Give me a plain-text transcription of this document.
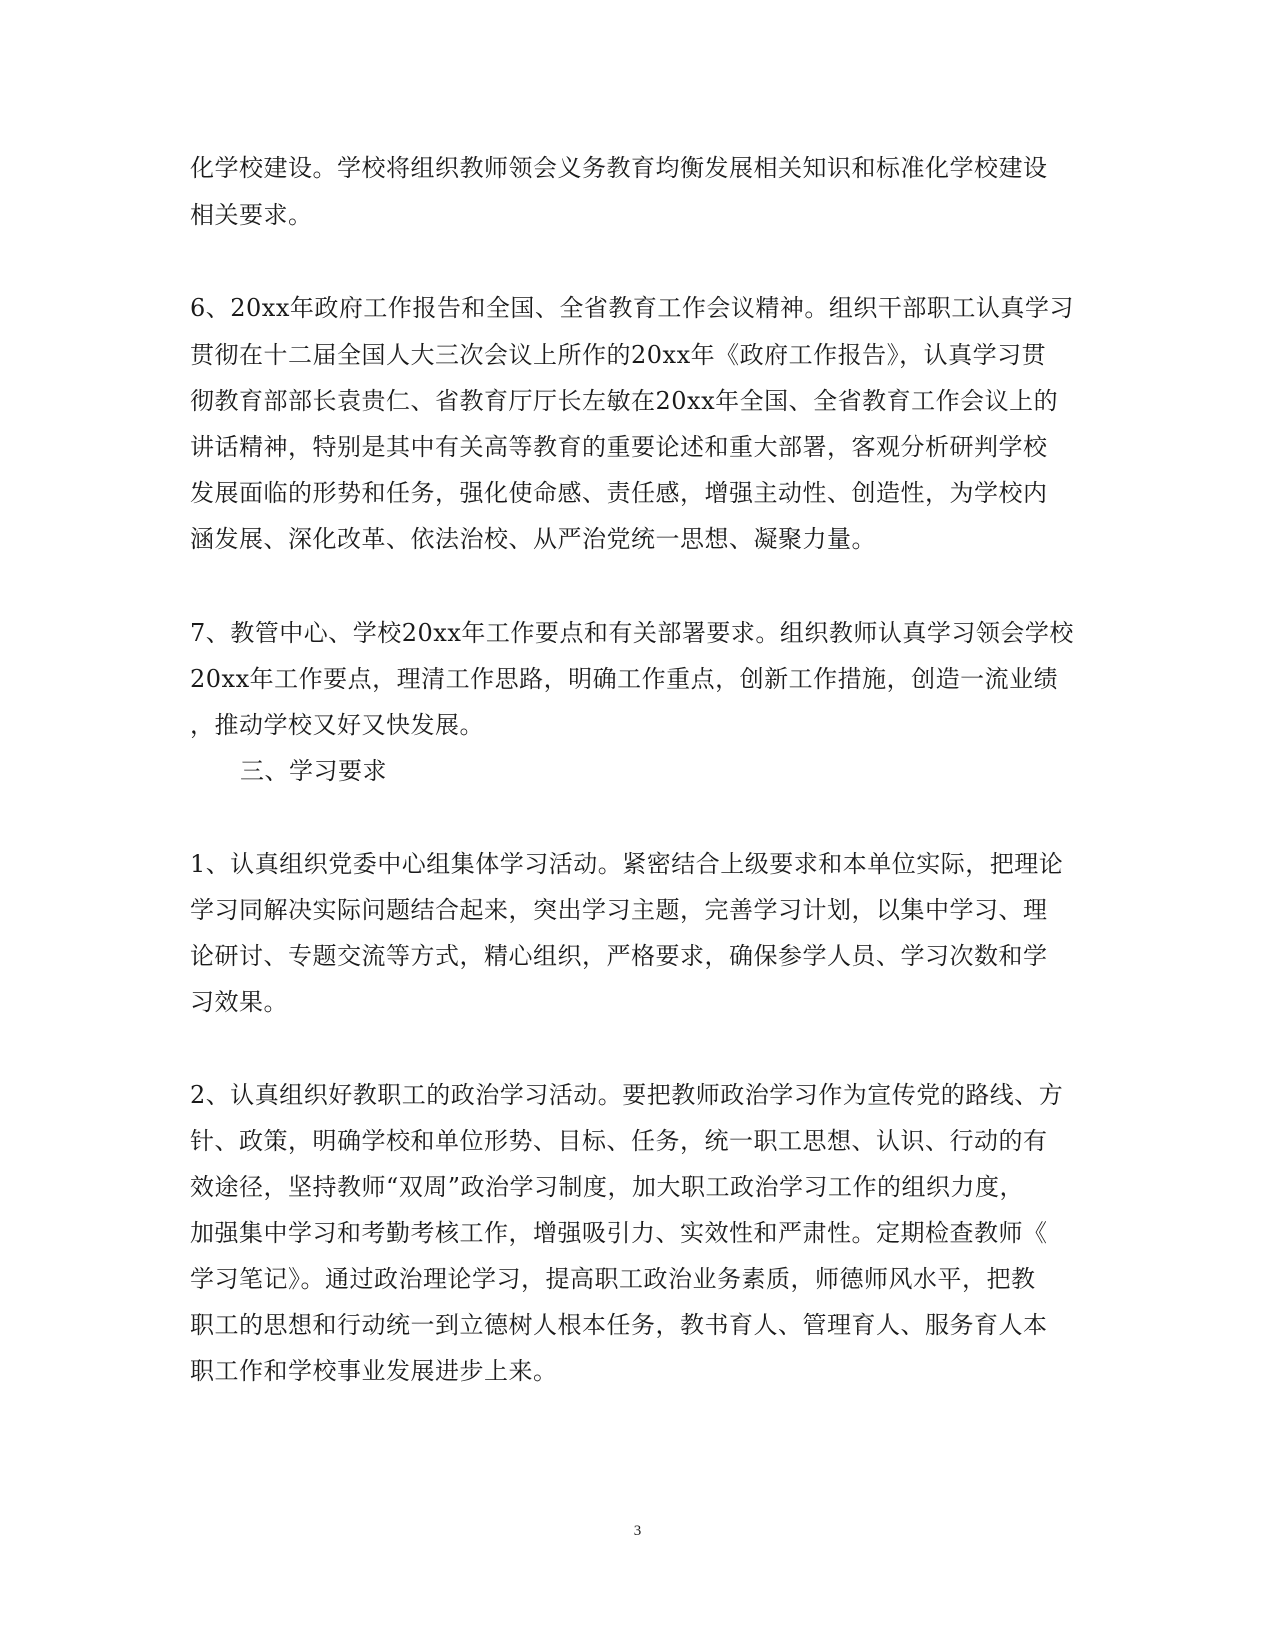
化学校建设。学校将组织教师领会义务教育均衡发展相关知识和标准化学校建设
相关要求。
6、20xx年政府工作报告和全国、全省教育工作会议精神。组织干部职工认真学习
贯彻在十二届全国人大三次会议上所作的20xx年《政府工作报告》，认真学习贯
彻教育部部长袁贵仁、省教育厅厅长左敏在20xx年全国、全省教育工作会议上的
讲话精神，特别是其中有关高等教育的重要论述和重大部署，客观分析研判学校
发展面临的形势和任务，强化使命感、责任感，增强主动性、创造性，为学校内
涵发展、深化改革、依法治校、从严治党统一思想、凝聚力量。
7、教管中心、学校20xx年工作要点和有关部署要求。组织教师认真学习领会学校
20xx年工作要点，理清工作思路，明确工作重点，创新工作措施，创造一流业绩
，推动学校又好又快发展。
三、学习要求
1、认真组织党委中心组集体学习活动。紧密结合上级要求和本单位实际，把理论
学习同解决实际问题结合起来，突出学习主题，完善学习计划，以集中学习、理
论研讨、专题交流等方式，精心组织，严格要求，确保参学人员、学习次数和学
习效果。
2、认真组织好教职工的政治学习活动。要把教师政治学习作为宣传党的路线、方
针、政策，明确学校和单位形势、目标、任务，统一职工思想、认识、行动的有
效途径，坚持教师“双周”政治学习制度，加大职工政治学习工作的组织力度，
加强集中学习和考勤考核工作，增强吸引力、实效性和严肃性。定期检查教师《
学习笔记》。通过政治理论学习，提高职工政治业务素质，师德师风水平，把教
职工的思想和行动统一到立德树人根本任务，教书育人、管理育人、服务育人本
职工作和学校事业发展进步上来。
3
